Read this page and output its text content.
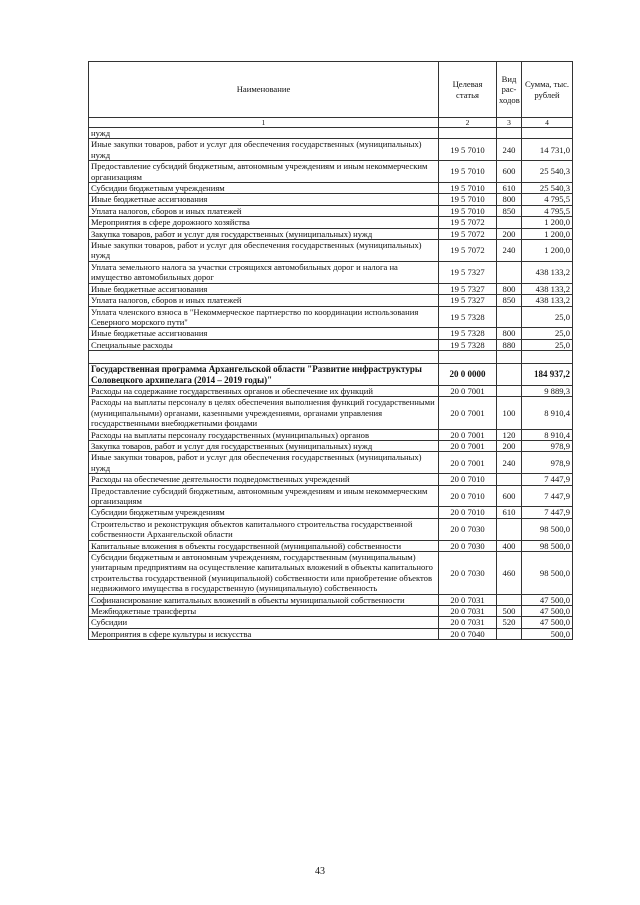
Наименование	Целевая статья	Вид рас-ходов	Сумма, тыс. рублей
1	2	3	4
нужд			
Иные закупки товаров, работ и услуг для обеспечения государственных (муниципальных) нужд	19 5 7010	240	14 731,0
Предоставление субсидий бюджетным, автономным учреждениям и иным некоммерческим организациям	19 5 7010	600	25 540,3
Субсидии бюджетным учреждениям	19 5 7010	610	25 540,3
Иные бюджетные ассигнования	19 5 7010	800	4 795,5
Уплата налогов, сборов и иных платежей	19 5 7010	850	4 795,5
Мероприятия в сфере дорожного хозяйства	19 5 7072		1 200,0
Закупка товаров, работ и услуг для государственных (муниципальных) нужд	19 5 7072	200	1 200,0
Иные закупки товаров, работ и услуг для обеспечения государственных (муниципальных) нужд	19 5 7072	240	1 200,0
Уплата земельного налога за участки строящихся автомобильных дорог и налога на имущество автомобильных дорог	19 5 7327		438 133,2
Иные бюджетные ассигнования	19 5 7327	800	438 133,2
Уплата налогов, сборов и иных платежей	19 5 7327	850	438 133,2
Уплата членского взноса в "Некоммерческое партнерство по координации использования Северного морского пути"	19 5 7328		25,0
Иные бюджетные ассигнования	19 5 7328	800	25,0
Специальные расходы	19 5 7328	880	25,0

Государственная программа Архангельской области "Развитие инфраструктуры Соловецкого архипелага (2014 – 2019 годы)"	20 0 0000		184 937,2
Расходы на содержание государственных органов и обеспечение их функций	20 0 7001		9 889,3
Расходы на выплаты персоналу в целях обеспечения выполнения функций государственными (муниципальными) органами, казенными учреждениями, органами управления государственными внебюджетными фондами	20 0 7001	100	8 910,4
Расходы на выплаты персоналу государственных (муниципальных) органов	20 0 7001	120	8 910,4
Закупка товаров, работ и услуг для государственных (муниципальных) нужд	20 0 7001	200	978,9
Иные закупки товаров, работ и услуг для обеспечения государственных (муниципальных) нужд	20 0 7001	240	978,9
Расходы на обеспечение деятельности подведомственных учреждений	20 0 7010		7 447,9
Предоставление субсидий бюджетным, автономным учреждениям и иным некоммерческим организациям	20 0 7010	600	7 447,9
Субсидии бюджетным учреждениям	20 0 7010	610	7 447,9
Строительство и реконструкция объектов капитального строительства государственной собственности Архангельской области	20 0 7030		98 500,0
Капитальные вложения в объекты государственной (муниципальной) собственности	20 0 7030	400	98 500,0
Субсидии бюджетным и автономным учреждениям, государственным (муниципальным) унитарным предприятиям на осуществление капитальных вложений в объекты капитального строительства государственной (муниципальной) собственности или приобретение объектов недвижимого имущества в государственную (муниципальную) собственность	20 0 7030	460	98 500,0
Софинансирование капитальных вложений в объекты муниципальной собственности	20 0 7031		47 500,0
Межбюджетные трансферты	20 0 7031	500	47 500,0
Субсидии	20 0 7031	520	47 500,0
Мероприятия в сфере культуры и искусства	20 0 7040		500,0
43
